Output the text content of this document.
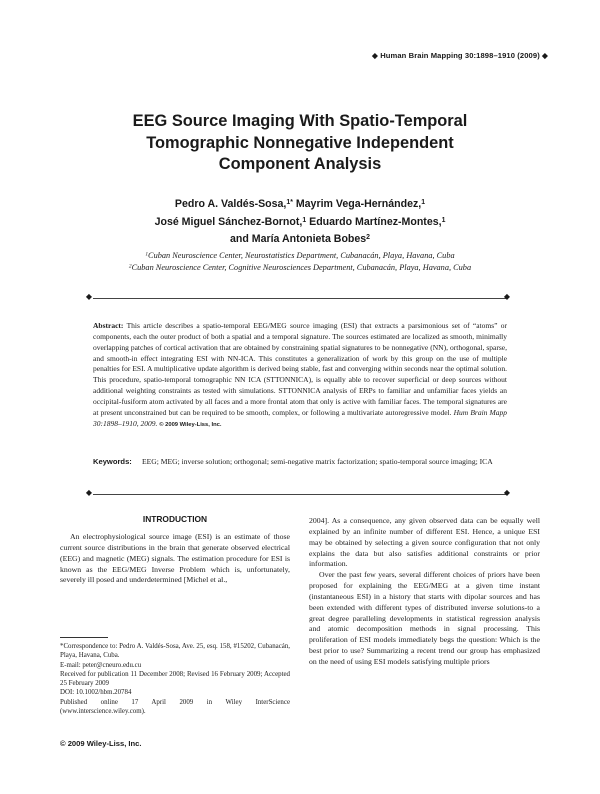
◆ Human Brain Mapping 30:1898–1910 (2009) ◆
EEG Source Imaging With Spatio-Temporal
Tomographic Nonnegative Independent
Component Analysis
Pedro A. Valdés-Sosa,$^{1*}$ Mayrim Vega-Hernández,$^1$
José Miguel Sánchez-Bornot,$^1$ Eduardo Martínez-Montes,$^1$
and María Antonieta Bobes$^2$
$^1$Cuban Neuroscience Center, Neurostatistics Department, Cubanacán, Playa, Havana, Cuba
$^2$Cuban Neuroscience Center, Cognitive Neurosciences Department, Cubanacán, Playa, Havana, Cuba
◆	◆
Abstract: This article describes a spatio-temporal EEG/MEG source imaging (ESI) that extracts a parsimonious set of “atoms” or components, each the outer product of both a spatial and a temporal signature. The sources estimated are localized as smooth, minimally overlapping patches of cortical activation that are obtained by constraining spatial signatures to be nonnegative (NN), orthogonal, sparse, and smooth-in effect integrating ESI with NN-ICA. This constitutes a generalization of work by this group on the use of multiple penalties for ESI. A multiplicative update algorithm is derived being stable, fast and converging within seconds near the optimal solution. This procedure, spatio-temporal tomographic NN ICA (STTONNICA), is equally able to recover superficial or deep sources without additional weighting constraints as tested with simulations. STTONNICA analysis of ERPs to familiar and unfamiliar faces yields an occipital-fusiform atom activated by all faces and a more frontal atom that only is active with familiar faces. The temporal signatures are at present unconstrained but can be required to be smooth, complex, or following a multivariate autoregressive model. Hum Brain Mapp 30:1898–1910, 2009. © 2009 Wiley-Liss, Inc.
Keywords:	EEG; MEG; inverse solution; orthogonal; semi-negative matrix factorization; spatio-temporal source imaging; ICA
◆	◆
INTRODUCTION

An electrophysiological source image (ESI) is an estimate of those current source distributions in the brain that generate observed electrical (EEG) and magnetic (MEG) signals. The estimation procedure for ESI is known as the EEG/MEG Inverse Problem which is, unfortunately, severely ill posed and underdetermined [Michel et al.,

*Correspondence to: Pedro A. Valdés-Sosa, Ave. 25, esq. 158, #15202, Cubanacán, Playa, Havana, Cuba.
E-mail: peter@cneuro.edu.cu
Received for publication 11 December 2008; Revised 16 February 2009; Accepted 25 February 2009
DOI: 10.1002/hbm.20784
Published online 17 April 2009 in Wiley InterScience (www.interscience.wiley.com).
© 2009 Wiley-Liss, Inc.

2004]. As a consequence, any given observed data can be equally well explained by an infinite number of different ESI. Hence, a unique ESI may be obtained by selecting a given source configuration that not only explains the data but also satisfies additional constraints or prior information.

Over the past few years, several different choices of priors have been proposed for explaining the EEG/MEG at a given time instant (instantaneous ESI) in a history that starts with dipolar sources and has been extended with different types of distributed inverse solutions-to a great degree paralleling developments in statistical regression analysis and atomic decomposition methods in signal processing. This proliferation of ESI models immediately begs the question: Which is the best prior to use? Summarizing a recent trend our group has emphasized on the need of using ESI models satisfying multiple priors
